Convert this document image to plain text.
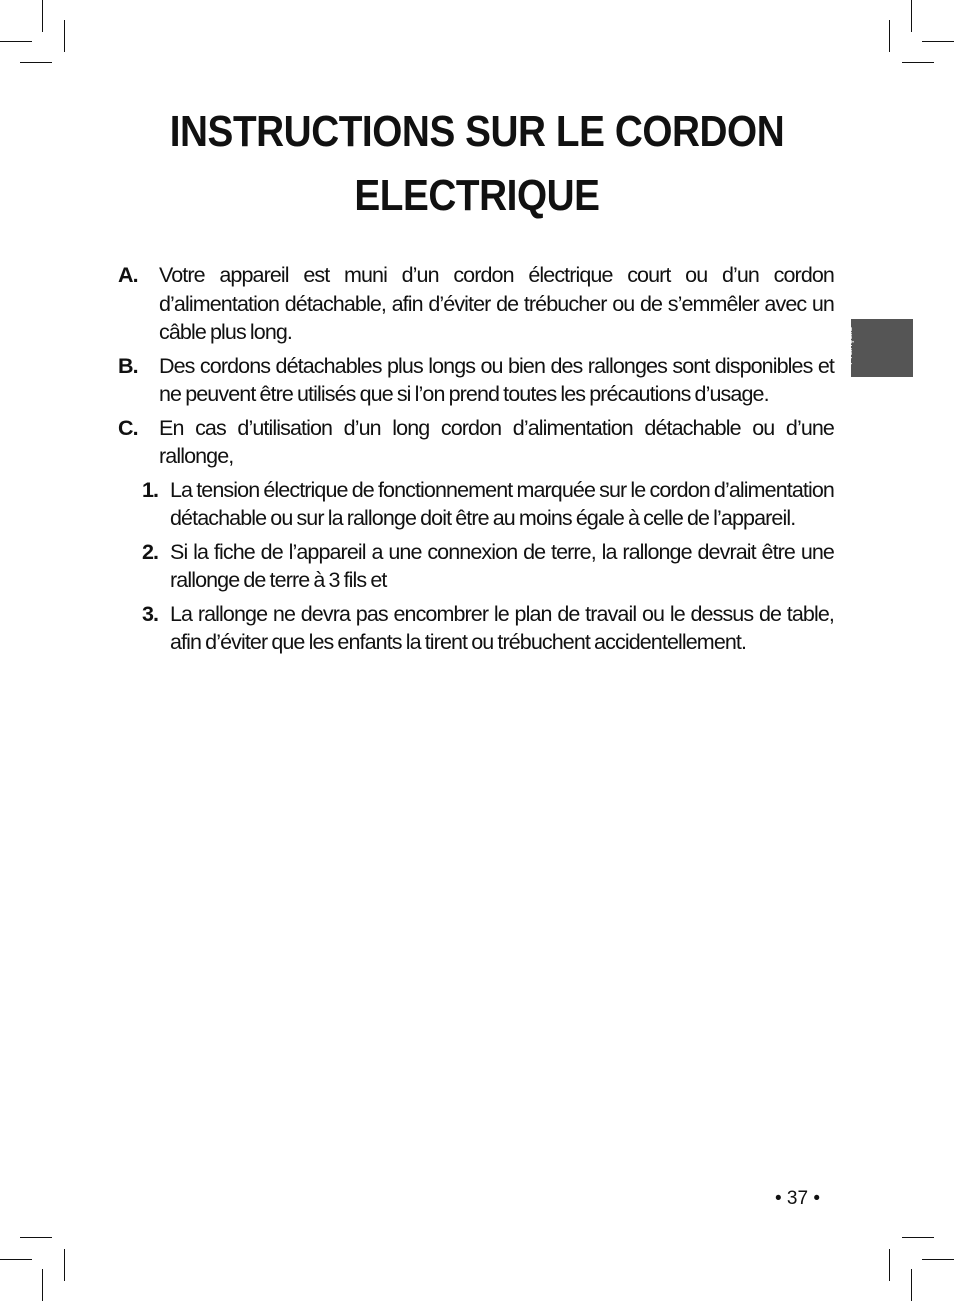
INSTRUCTIONS SUR LE CORDON
ELECTRIQUE
A. Votre appareil est muni d’un cordon électrique court ou d’un cordon d’alimentation détachable, afin d’éviter de trébucher ou de s’emmêler avec un câble plus long.
B. Des cordons détachables plus longs ou bien des rallonges sont disponibles et ne peuvent être utilisés que si l’on prend toutes les précautions d’usage.
C. En cas d’utilisation d’un long cordon d’alimentation détachable ou d’une rallonge,
1. La tension électrique de fonctionnement marquée sur le cordon d’alimentation détachable ou sur la rallonge doit être au moins égale à celle de l’appareil.
2. Si la fiche de l’appareil a une connexion de terre, la rallonge devrait être une rallonge de terre à 3 fils et
3. La rallonge ne devra pas encombrer le plan de travail ou le dessus de table, afin d’éviter que les enfants la tirent ou trébuchent accidentellement.
Français
• 37 •
